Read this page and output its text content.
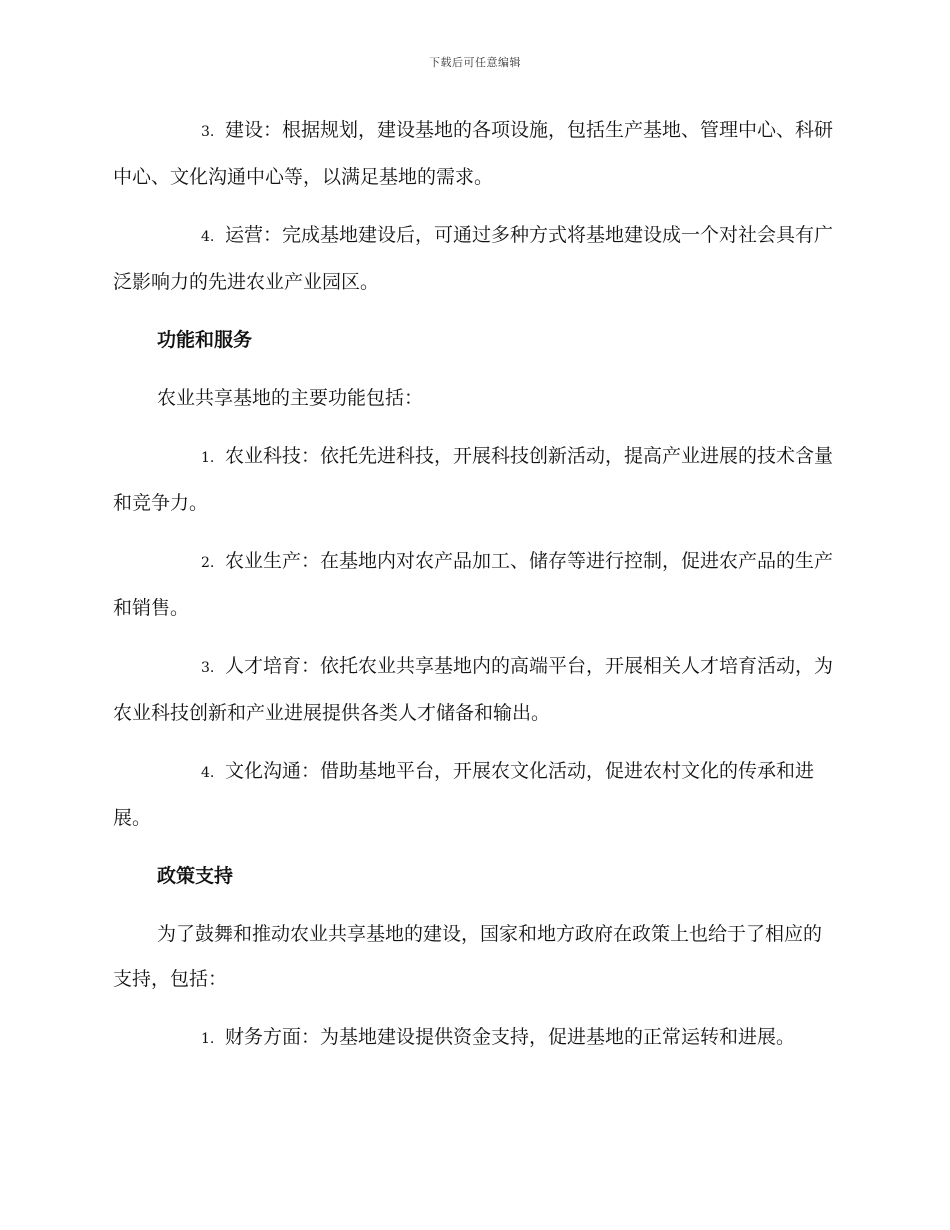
下载后可任意编辑

3. 建设：根据规划，建设基地的各项设施，包括生产基地、管理中心、科研中心、文化沟通中心等，以满足基地的需求。

4. 运营：完成基地建设后，可通过多种方式将基地建设成一个对社会具有广泛影响力的先进农业产业园区。

功能和服务

农业共享基地的主要功能包括：

1. 农业科技：依托先进科技，开展科技创新活动，提高产业进展的技术含量和竞争力。

2. 农业生产：在基地内对农产品加工、储存等进行控制，促进农产品的生产和销售。

3. 人才培育：依托农业共享基地内的高端平台，开展相关人才培育活动，为农业科技创新和产业进展提供各类人才储备和输出。

4. 文化沟通：借助基地平台，开展农文化活动，促进农村文化的传承和进展。

政策支持

为了鼓舞和推动农业共享基地的建设，国家和地方政府在政策上也给于了相应的支持，包括：

1. 财务方面：为基地建设提供资金支持，促进基地的正常运转和进展。
